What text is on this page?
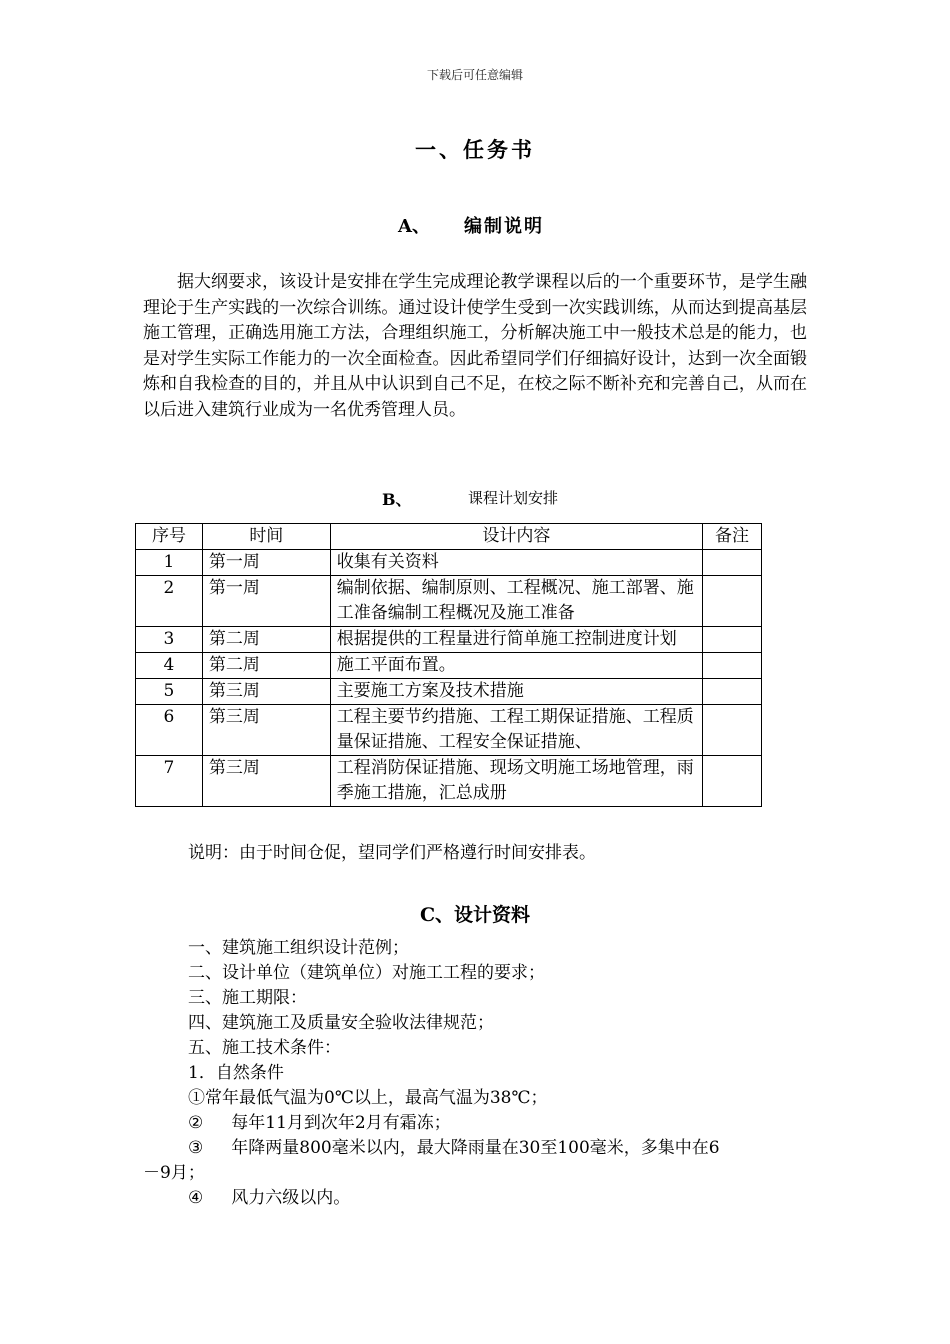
下载后可任意编辑
一、任务书
A、 编制说明

据大纲要求，该设计是安排在学生完成理论教学课程以后的一个重要环节，是学生融理论于生产实践的一次综合训练。通过设计使学生受到一次实践训练，从而达到提高基层施工管理，正确选用施工方法，合理组织施工，分析解决施工中一般技术总是的能力，也是对学生实际工作能力的一次全面检查。因此希望同学们仔细搞好设计，达到一次全面锻炼和自我检查的目的，并且从中认识到自己不足，在校之际不断补充和完善自己，从而在以后进入建筑行业成为一名优秀管理人员。

B、	课程计划安排
序号	时间	设计内容	备注
1	第一周	收集有关资料	
2	第一周	编制依据、编制原则、工程概况、施工部署、施工准备编制工程概况及施工准备	
3	第二周	根据提供的工程量进行简单施工控制进度计划	
4	第二周	施工平面布置。	
5	第三周	主要施工方案及技术措施	
6	第三周	工程主要节约措施、工程工期保证措施、工程质量保证措施、工程安全保证措施、	
7	第三周	工程消防保证措施、现场文明施工场地管理，雨季施工措施，汇总成册	
说明：由于时间仓促，望同学们严格遵行时间安排表。
C、设计资料
一、建筑施工组织设计范例；
二、设计单位（建筑单位）对施工工程的要求；
三、施工期限：
四、建筑施工及质量安全验收法律规范；
五、施工技术条件：
1．自然条件
①常年最低气温为0℃以上，最高气温为38℃；
② 每年11月到次年2月有霜冻；
③ 年降两量800毫米以内，最大降雨量在30至100毫米，多集中在6
－9月；
④ 风力六级以内。
